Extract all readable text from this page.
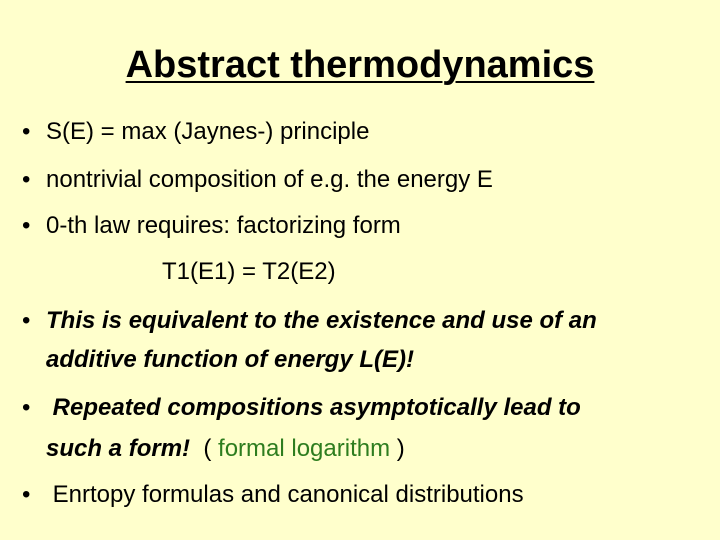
Abstract thermodynamics
• S(E) = max (Jaynes-) principle
• nontrivial composition of e.g. the energy E
• 0-th law requires: factorizing form
T1(E1) = T2(E2)
• This is equivalent to the existence and use of an
additive function of energy L(E)!
• Repeated compositions asymptotically lead to
such a form!  ( formal logarithm )
• Enrtopy formulas and canonical distributions
